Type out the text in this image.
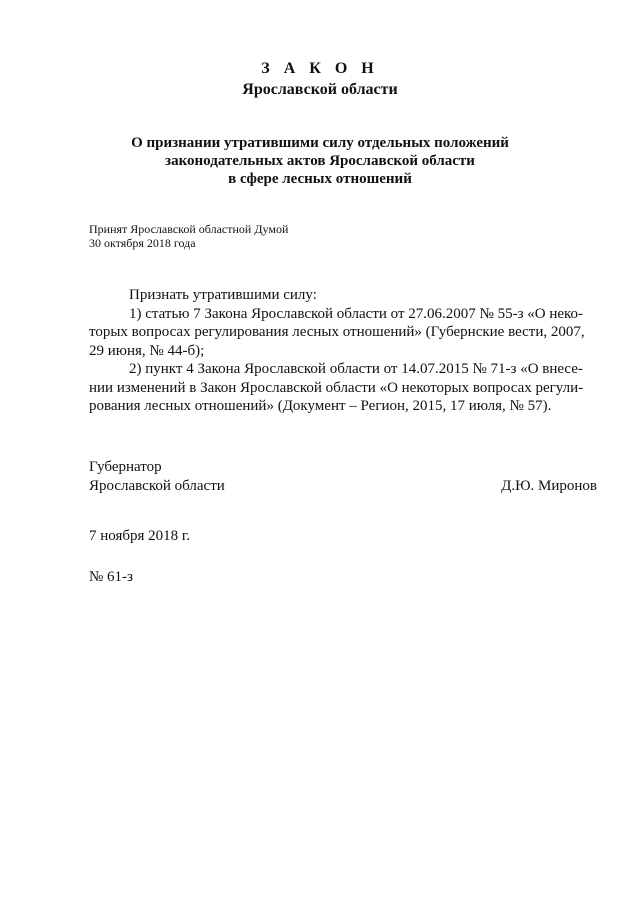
З А К О Н
Ярославской области
О признании утратившими силу отдельных положений
законодательных актов Ярославской области
в сфере лесных отношений
Принят Ярославской областной Думой
30 октября 2018 года
Признать утратившими силу:
1) статью 7 Закона Ярославской области от 27.06.2007 № 55-з «О неко-
торых вопросах регулирования лесных отношений» (Губернские вести, 2007,
29 июня, № 44-б);
2) пункт 4 Закона Ярославской области от 14.07.2015 № 71-з «О внесе-
нии изменений в Закон Ярославской области «О некоторых вопросах регули-
рования лесных отношений» (Документ – Регион, 2015, 17 июля, № 57).
Губернатор
Ярославской области	Д.Ю. Миронов
7 ноября 2018 г.
№ 61-з
